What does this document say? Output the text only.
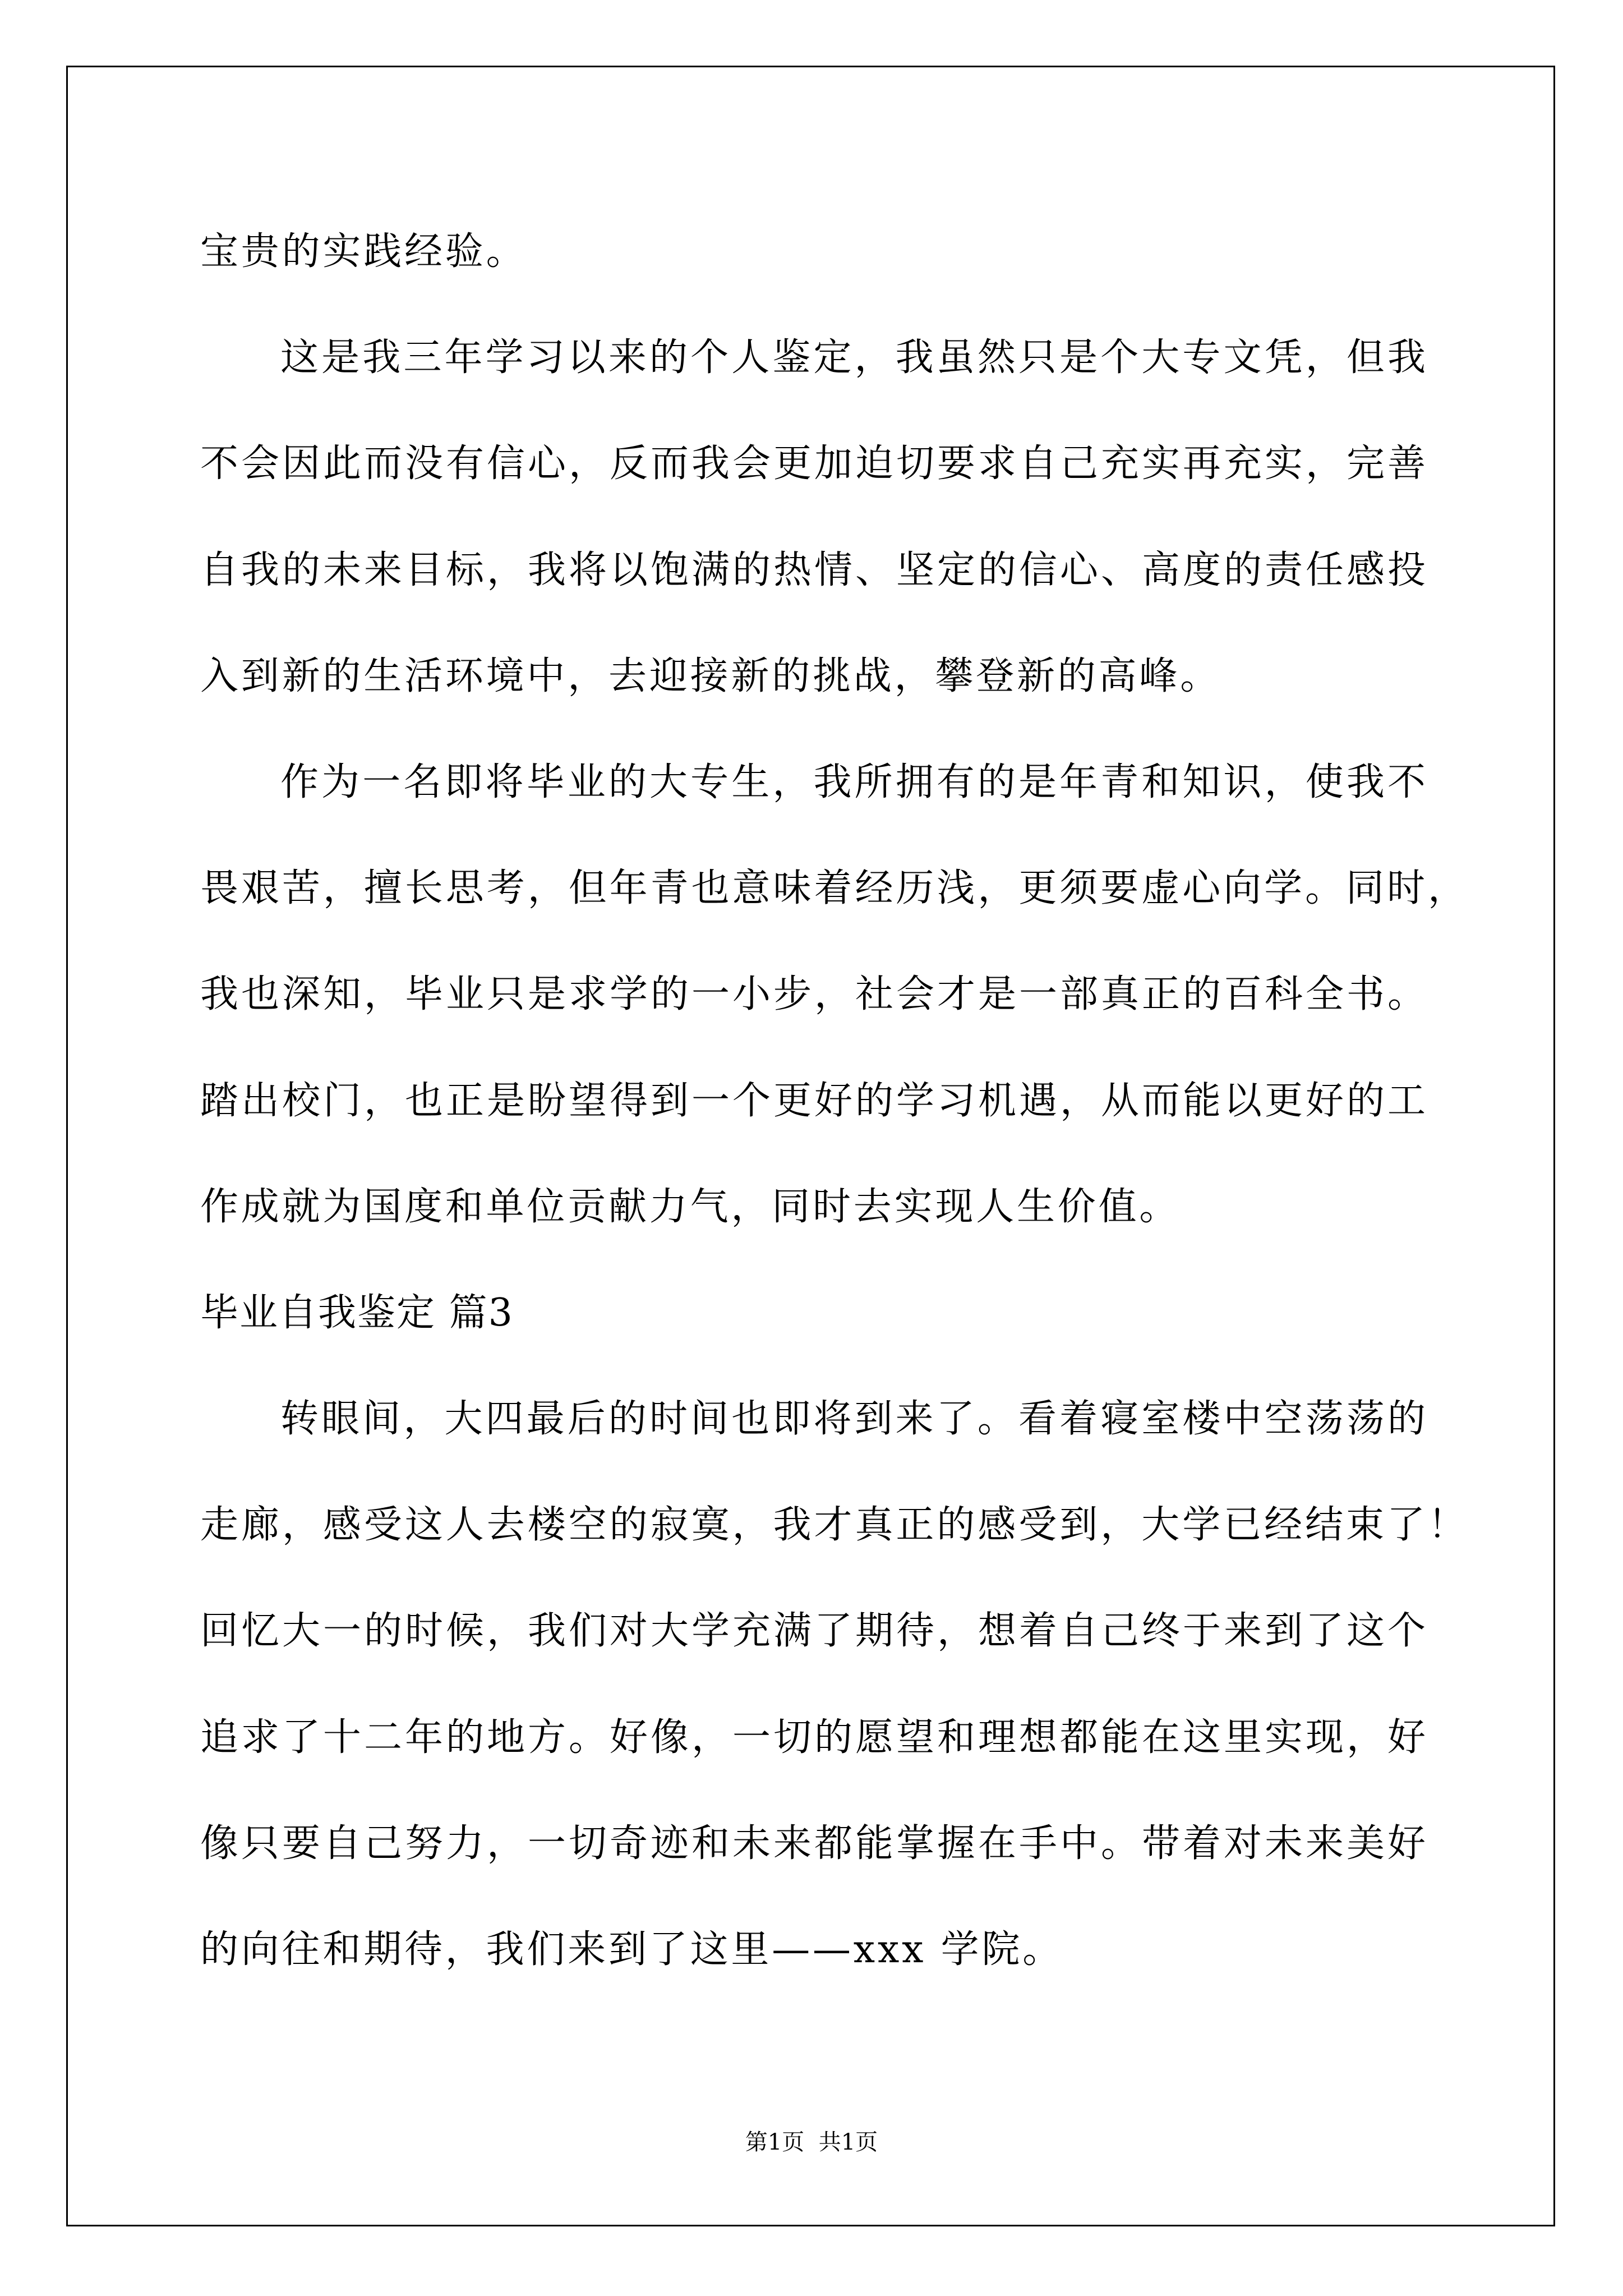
宝贵的实践经验。
这是我三年学习以来的个人鉴定，我虽然只是个大专文凭，但我
不会因此而没有信心，反而我会更加迫切要求自己充实再充实，完善
自我的未来目标，我将以饱满的热情、坚定的信心、高度的责任感投
入到新的生活环境中，去迎接新的挑战，攀登新的高峰。
作为一名即将毕业的大专生，我所拥有的是年青和知识，使我不
畏艰苦，擅长思考，但年青也意味着经历浅，更须要虚心向学。同时，
我也深知，毕业只是求学的一小步，社会才是一部真正的百科全书。
踏出校门，也正是盼望得到一个更好的学习机遇，从而能以更好的工
作成就为国度和单位贡献力气，同时去实现人生价值。
毕业自我鉴定 篇3
转眼间，大四最后的时间也即将到来了。看着寝室楼中空荡荡的
走廊，感受这人去楼空的寂寞，我才真正的感受到，大学已经结束了！
回忆大一的时候，我们对大学充满了期待，想着自己终于来到了这个
追求了十二年的地方。好像，一切的愿望和理想都能在这里实现，好
像只要自己努力，一切奇迹和未来都能掌握在手中。带着对未来美好
的向往和期待，我们来到了这里——xxx 学院。
第1页  共1页
